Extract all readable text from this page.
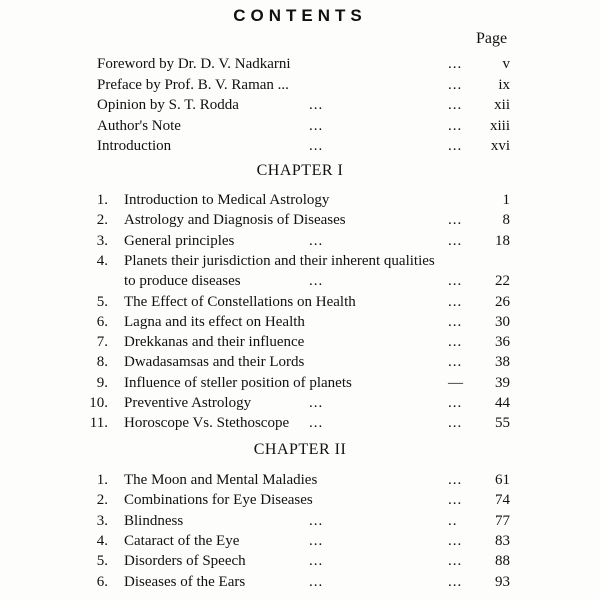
CONTENTS
Page
Foreword by Dr. D. V. Nadkarni	...	v
Preface by Prof. B. V. Raman ...	... ix
Opinion by S. T. Rodda	...	... xii
Author's Note	...	... xiii
Introduction	...	... xvi
CHAPTER I
1. Introduction to Medical Astrology	1
2. Astrology and Diagnosis of Diseases	...	8
3. General principles	...	... 18
4. Planets their jurisdiction and their inherent qualities
to produce diseases	...	... 22
5. The Effect of Constellations on Health	... 26
6. Lagna and its effect on Health	... 30
7. Drekkanas and their influence	... 36
8. Dwadasamsas and their Lords	... 38
9. Influence of steller position of planets	— 39
10. Preventive Astrology	...	... 44
11. Horoscope Vs. Stethoscope ...	... 55
CHAPTER II
1. The Moon and Mental Maladies	... 61
2. Combinations for Eye Diseases	... 74
3. Blindness	...	..	77
4. Cataract of the Eye	...	... 83
5. Disorders of Speech	...	... 88
6. Diseases of the Ears	...	... 93
